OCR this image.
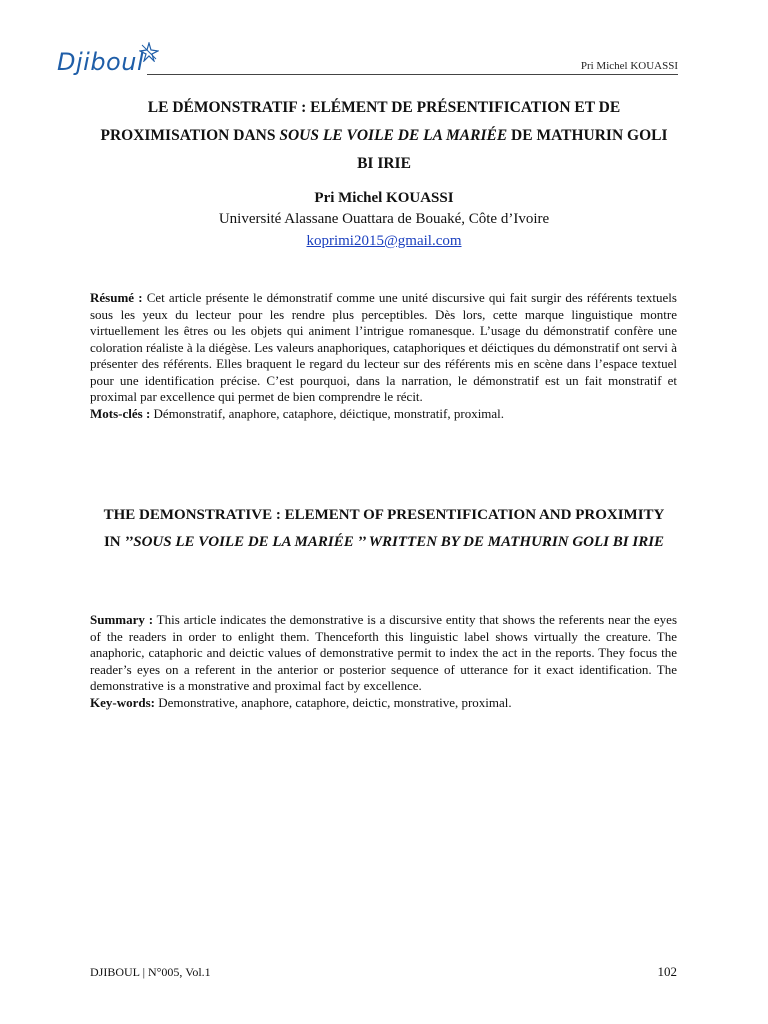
Djiboul	Pri Michel KOUASSI
LE DÉMONSTRATIF : ELÉMENT DE PRÉSENTIFICATION ET DE PROXIMISATION DANS SOUS LE VOILE DE LA MARIÉE DE MATHURIN GOLI BI IRIE
Pri Michel KOUASSI
Université Alassane Ouattara de Bouaké, Côte d’Ivoire
koprimi2015@gmail.com
Résumé : Cet article présente le démonstratif comme une unité discursive qui fait surgir des référents textuels sous les yeux du lecteur pour les rendre plus perceptibles. Dès lors, cette marque linguistique montre virtuellement les êtres ou les objets qui animent l’intrigue romanesque. L’usage du démonstratif confère une coloration réaliste à la diégèse. Les valeurs anaphoriques, cataphoriques et déictiques du démonstratif ont servi à présenter des référents. Elles braquent le regard du lecteur sur des référents mis en scène dans l’espace textuel pour une identification précise. C’est pourquoi, dans la narration, le démonstratif est un fait monstratif et proximal par excellence qui permet de bien comprendre le récit.
Mots-clés : Démonstratif, anaphore, cataphore, déictique, monstratif, proximal.
THE DEMONSTRATIVE : ELEMENT OF PRESENTIFICATION AND PROXIMITY IN ’’SOUS LE VOILE DE LA MARIÉE ’’ WRITTEN BY DE MATHURIN GOLI BI IRIE
Summary : This article indicates the demonstrative is a discursive entity that shows the referents near the eyes of the readers in order to enlight them. Thenceforth this linguistic label shows virtually the creature. The anaphoric, cataphoric and deictic values of demonstrative permit to index the act in the reports. They focus the reader’s eyes on a referent in the anterior or posterior sequence of utterance for it exact identification. The demonstrative is a monstrative and proximal fact by excellence.
Key-words: Demonstrative, anaphore, cataphore, deictic, monstrative, proximal.
DJIBOUL | N°005, Vol.1	102
